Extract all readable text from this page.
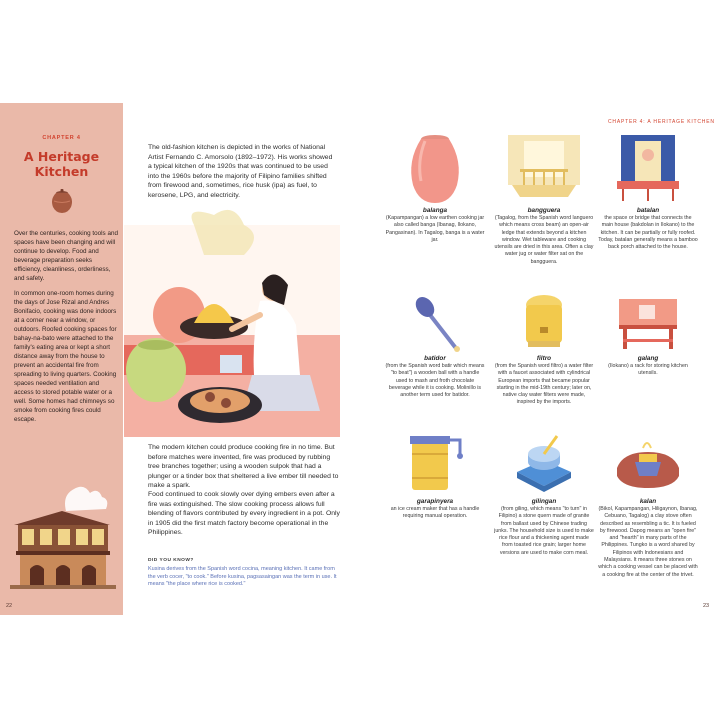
CHAPTER 4
A Heritage
Kitchen
Over the centuries, cooking tools and spaces have been changing and will continue to develop. Food and beverage preparation seeks efficiency, cleanliness, orderliness, and safety.
In common one-room homes during the days of Jose Rizal and Andres Bonifacio, cooking was done indoors at a corner near a window, or outdoors. Roofed cooking spaces for bahay-na-bato were attached to the family's eating area or kept a short distance away from the house to prevent an accidental fire from spreading to living quarters. Cooking spaces needed ventilation and access to stored potable water or a well. Some homes had chimneys so smoke from cooking fires could escape.
22
The old-fashion kitchen is depicted in the works of National Artist Fernando C. Amorsolo (1892–1972). His works showed a typical kitchen of the 1920s that was continued to be used into the 1960s before the majority of Filipino families shifted from firewood and, sometimes, rice husk (ipa) as fuel, to kerosene, LPG, and electricity.
The modern kitchen could produce cooking fire in no time. But before matches were invented, fire was produced by rubbing tree branches together; using a wooden sulpok that had a plunger or a tinder box that sheltered a live ember till needed to make a spark.
Food continued to cook slowly over dying embers even after a fire was extinguished. The slow cooking process allows full blending of flavors contributed by every ingredient in a pot. Only in 1905 did the first match factory become operational in the Philippines.
DID YOU KNOW?
Kusina derives from the Spanish word cocina, meaning kitchen. It came from the verb cocer, "to cook." Before kusina, pagsasaingan was the term in use. It means "the place where rice is cooked."
CHAPTER 4: A HERITAGE KITCHEN
balanga
(Kapampangan) a low earthen cooking jar also called banga (Ibanag, Ilokano, Pangasinan). In Tagalog, banga is a water jar.
bangguera
(Tagalog, from the Spanish word languero which means cross beam) an open-air ledge that extends beyond a kitchen window. Wet tableware and cooking utensils are dried in this area. Often a clay water jug or water filter sat on the bangguera.
batalan
the space or bridge that connects the main house (bakdolan in Ilokano) to the kitchen. It can be partially or fully roofed. Today, batalan generally means a bamboo back porch attached to the house.
batidor
(from the Spanish word batir which means "to beat") a wooden ball with a handle used to mash and froth chocolate beverage while it is cooking. Molinillo is another term used for batidor.
filtro
(from the Spanish word filtro) a water filter with a faucet associated with cylindrical European imports that became popular starting in the mid-19th century; later on, native clay water filters were made, inspired by the imports.
galang
(Ilokano) a rack for storing kitchen utensils.
garapinyera
an ice cream maker that has a handle requiring manual operation.
gilingan
(from giling, which means "to turn" in Filipino) a stone quern made of granite from ballast used by Chinese trading junks. The household size is used to make rice flour and a thickening agent made from toasted rice grain; larger home versions are used to make corn meal.
kalan
(Bikol, Kapampangan, Hiligaynon, Ibanag, Cebuano, Tagalog) a clay stove often described as resembling a tic. It is fueled by firewood. Dapog means an "open fire" and "hearth" in many parts of the Philippines. Tungko is a word shared by Filipinos with Indonesians and Malaysians. It means three stones on which a cooking vessel can be placed with a cooking fire at the center of the trivet.
23
